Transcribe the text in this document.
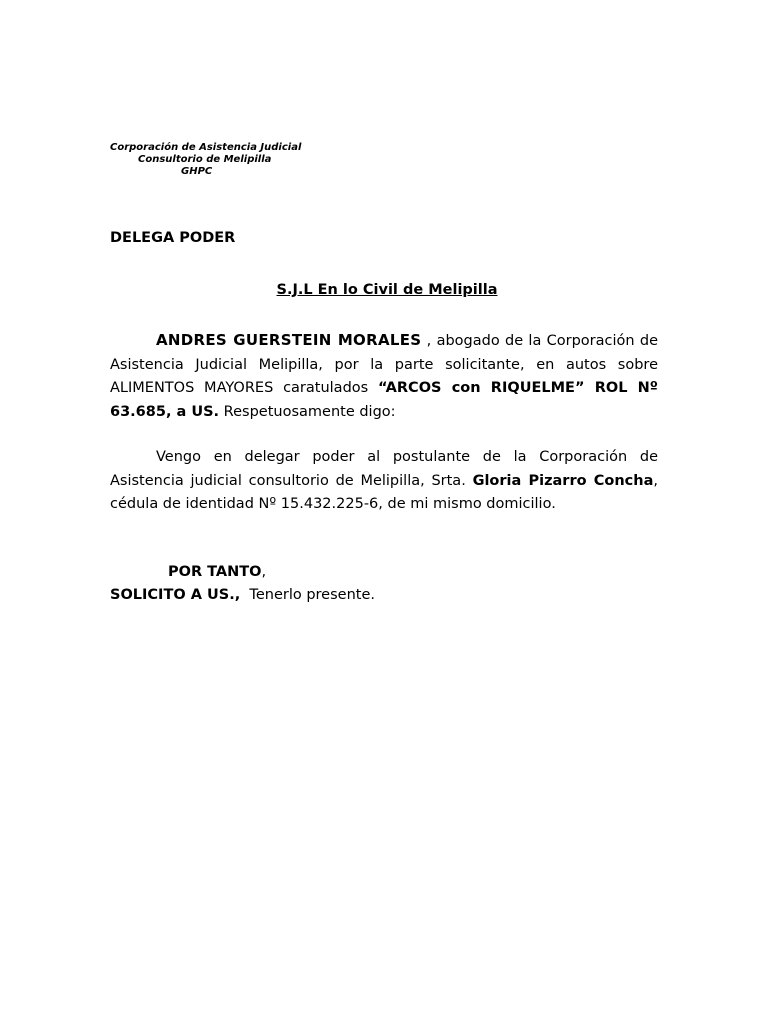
Corporación de Asistencia Judicial
Consultorio de Melipilla
GHPC
DELEGA PODER
S.J.L En lo Civil de Melipilla
ANDRES GUERSTEIN MORALES , abogado de la Corporación de Asistencia Judicial Melipilla, por la parte solicitante, en autos sobre ALIMENTOS MAYORES caratulados “ARCOS con RIQUELME” ROL Nº 63.685, a US. Respetuosamente digo:
Vengo en delegar poder al postulante de la Corporación de Asistencia judicial consultorio de Melipilla, Srta. Gloria Pizarro Concha, cédula de identidad Nº 15.432.225-6, de mi mismo domicilio.
POR TANTO,
SOLICITO A US.,  Tenerlo presente.
